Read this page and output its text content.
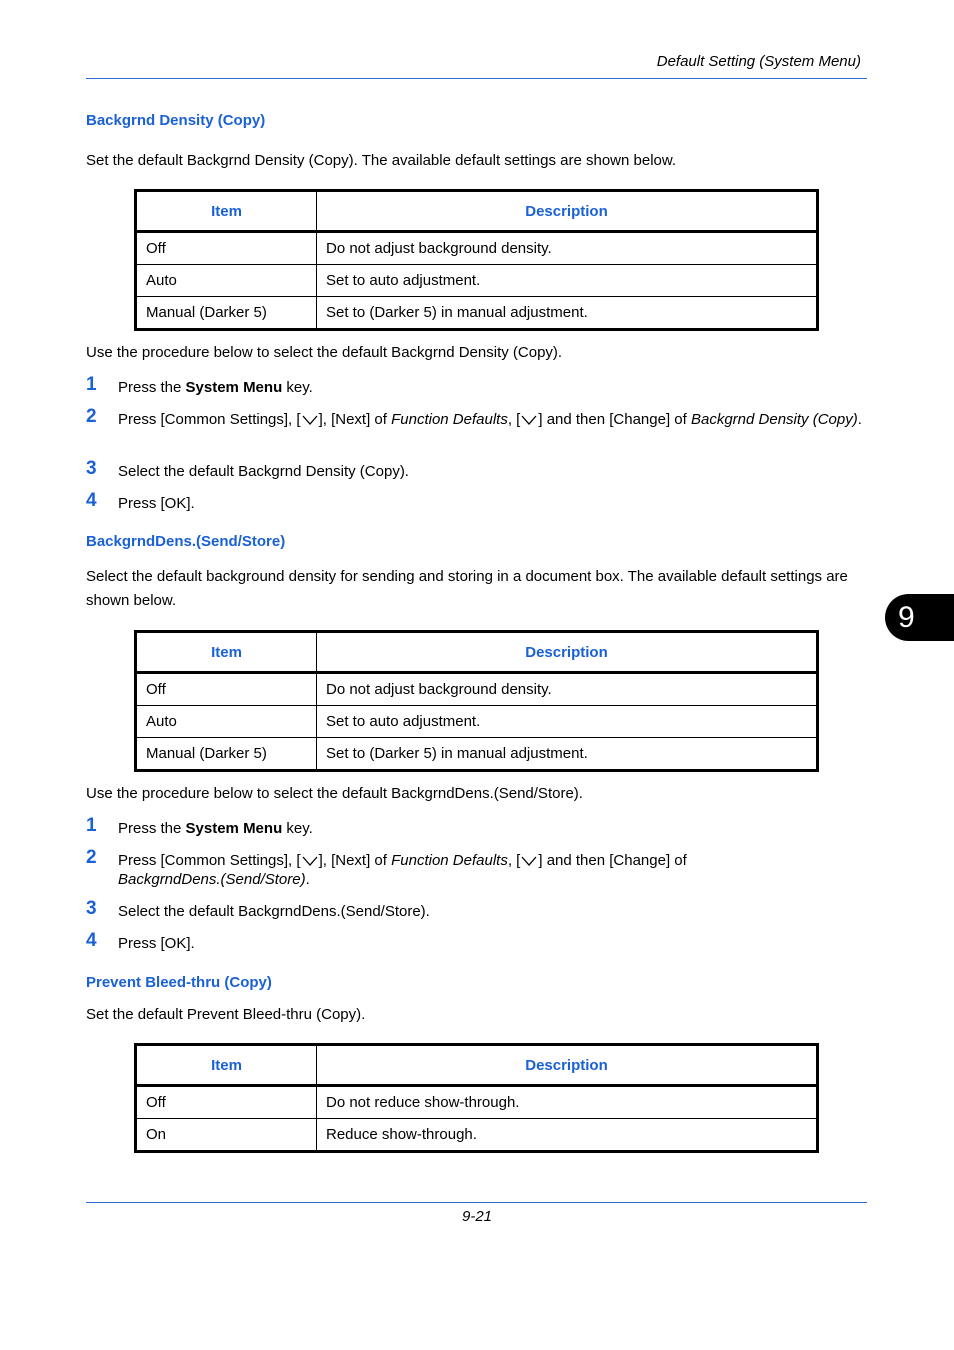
Default Setting (System Menu)
Backgrnd Density (Copy)
Set the default Backgrnd Density (Copy). The available default settings are shown below.
Item	Description
Off	Do not adjust background density.
Auto	Set to auto adjustment.
Manual (Darker 5)	Set to (Darker 5) in manual adjustment.
Use the procedure below to select the default Backgrnd Density (Copy).
1 Press the System Menu key.
2 Press [Common Settings], [ ], [Next] of Function Defaults, [ ] and then [Change] of Backgrnd Density (Copy).
3 Select the default Backgrnd Density (Copy).
4 Press [OK].
BackgrndDens.(Send/Store)
Select the default background density for sending and storing in a document box. The available default settings are shown below.
Item	Description
Off	Do not adjust background density.
Auto	Set to auto adjustment.
Manual (Darker 5)	Set to (Darker 5) in manual adjustment.
Use the procedure below to select the default BackgrndDens.(Send/Store).
1 Press the System Menu key.
2 Press [Common Settings], [ ], [Next] of Function Defaults, [ ] and then [Change] of BackgrndDens.(Send/Store).
3 Select the default BackgrndDens.(Send/Store).
4 Press [OK].
Prevent Bleed-thru (Copy)
Set the default Prevent Bleed-thru (Copy).
Item	Description
Off	Do not reduce show-through.
On	Reduce show-through.
9
9-21
